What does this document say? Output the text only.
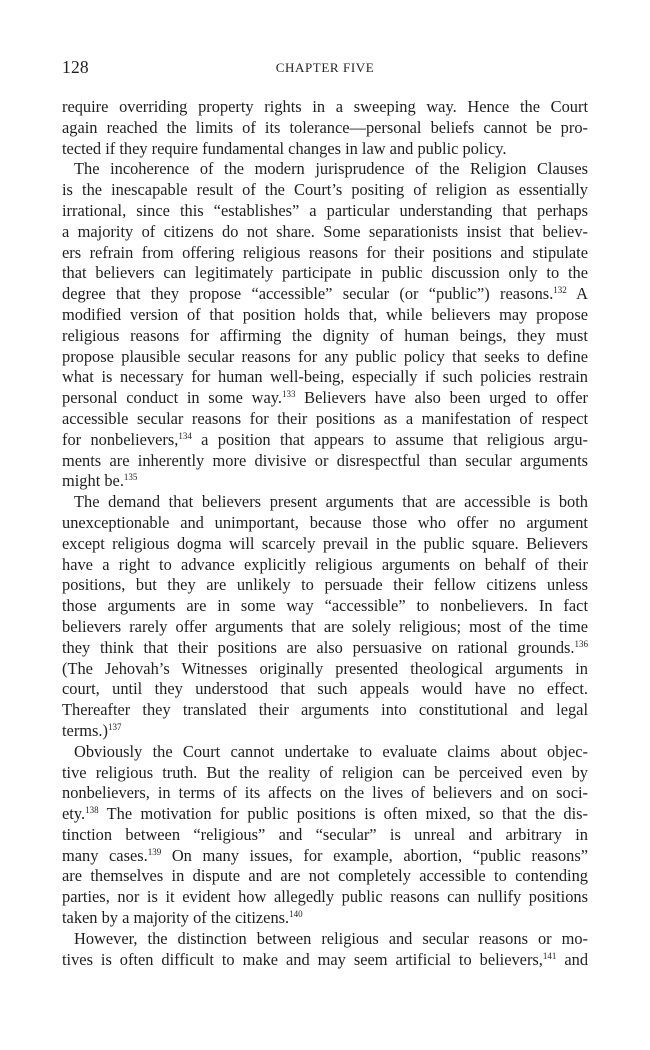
128	CHAPTER FIVE
require overriding property rights in a sweeping way. Hence the Court
again reached the limits of its tolerance—personal beliefs cannot be pro-
tected if they require fundamental changes in law and public policy.
The incoherence of the modern jurisprudence of the Religion Clauses
is the inescapable result of the Court’s positing of religion as essentially
irrational, since this “establishes” a particular understanding that perhaps
a majority of citizens do not share. Some separationists insist that believ-
ers refrain from offering religious reasons for their positions and stipulate
that believers can legitimately participate in public discussion only to the
degree that they propose “accessible” secular (or “public”) reasons.$^{132}$ A
modified version of that position holds that, while believers may propose
religious reasons for affirming the dignity of human beings, they must
propose plausible secular reasons for any public policy that seeks to define
what is necessary for human well-being, especially if such policies restrain
personal conduct in some way.$^{133}$ Believers have also been urged to offer
accessible secular reasons for their positions as a manifestation of respect
for nonbelievers,$^{134}$ a position that appears to assume that religious argu-
ments are inherently more divisive or disrespectful than secular arguments
might be.$^{135}$
The demand that believers present arguments that are accessible is both
unexceptionable and unimportant, because those who offer no argument
except religious dogma will scarcely prevail in the public square. Believers
have a right to advance explicitly religious arguments on behalf of their
positions, but they are unlikely to persuade their fellow citizens unless
those arguments are in some way “accessible” to nonbelievers. In fact
believers rarely offer arguments that are solely religious; most of the time
they think that their positions are also persuasive on rational grounds.$^{136}$
(The Jehovah’s Witnesses originally presented theological arguments in
court, until they understood that such appeals would have no effect.
Thereafter they translated their arguments into constitutional and legal
terms.)$^{137}$
Obviously the Court cannot undertake to evaluate claims about objec-
tive religious truth. But the reality of religion can be perceived even by
nonbelievers, in terms of its affects on the lives of believers and on soci-
ety.$^{138}$ The motivation for public positions is often mixed, so that the dis-
tinction between “religious” and “secular” is unreal and arbitrary in
many cases.$^{139}$ On many issues, for example, abortion, “public reasons”
are themselves in dispute and are not completely accessible to contending
parties, nor is it evident how allegedly public reasons can nullify positions
taken by a majority of the citizens.$^{140}$
However, the distinction between religious and secular reasons or mo-
tives is often difficult to make and may seem artificial to believers,$^{141}$ and
